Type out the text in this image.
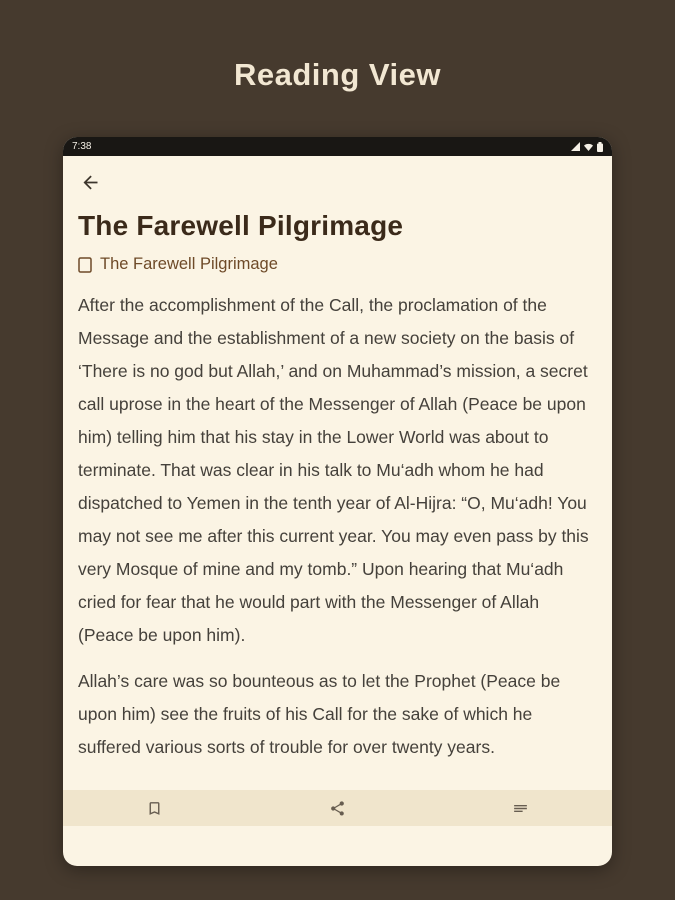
Reading View
7:38
The Farewell Pilgrimage
The Farewell Pilgrimage

After the accomplishment of the Call, the proclamation of the Message and the establishment of a new society on the basis of ‘There is no god but Allah,’ and on Muhammad’s mission, a secret call uprose in the heart of the Messenger of Allah (Peace be upon him) telling him that his stay in the Lower World was about to terminate. That was clear in his talk to Mu‘adh whom he had dispatched to Yemen in the tenth year of Al-Hijra: “O, Mu‘adh! You may not see me after this current year. You may even pass by this very Mosque of mine and my tomb.” Upon hearing that Mu‘adh cried for fear that he would part with the Messenger of Allah (Peace be upon him).

Allah’s care was so bounteous as to let the Prophet (Peace be upon him) see the fruits of his Call for the sake of which he suffered various sorts of trouble for over twenty years.
